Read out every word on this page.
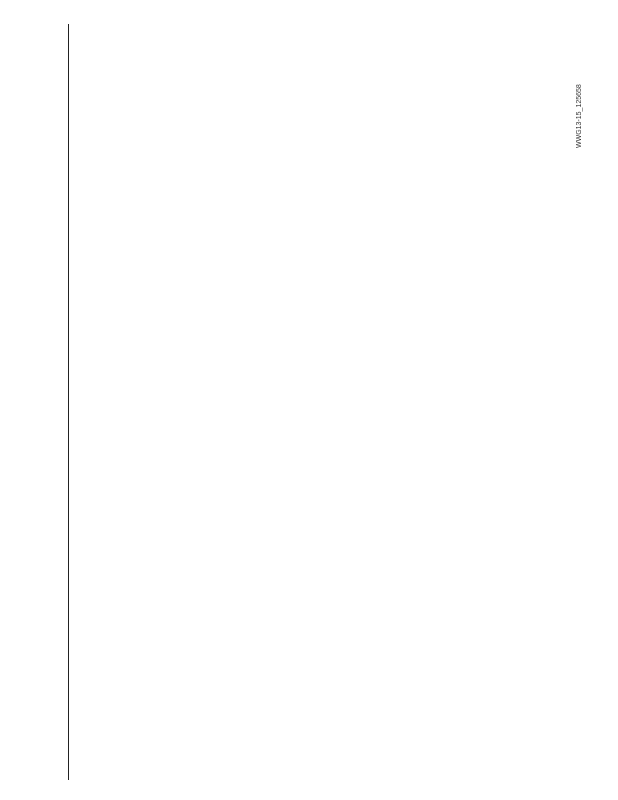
WWG13-15_125658
